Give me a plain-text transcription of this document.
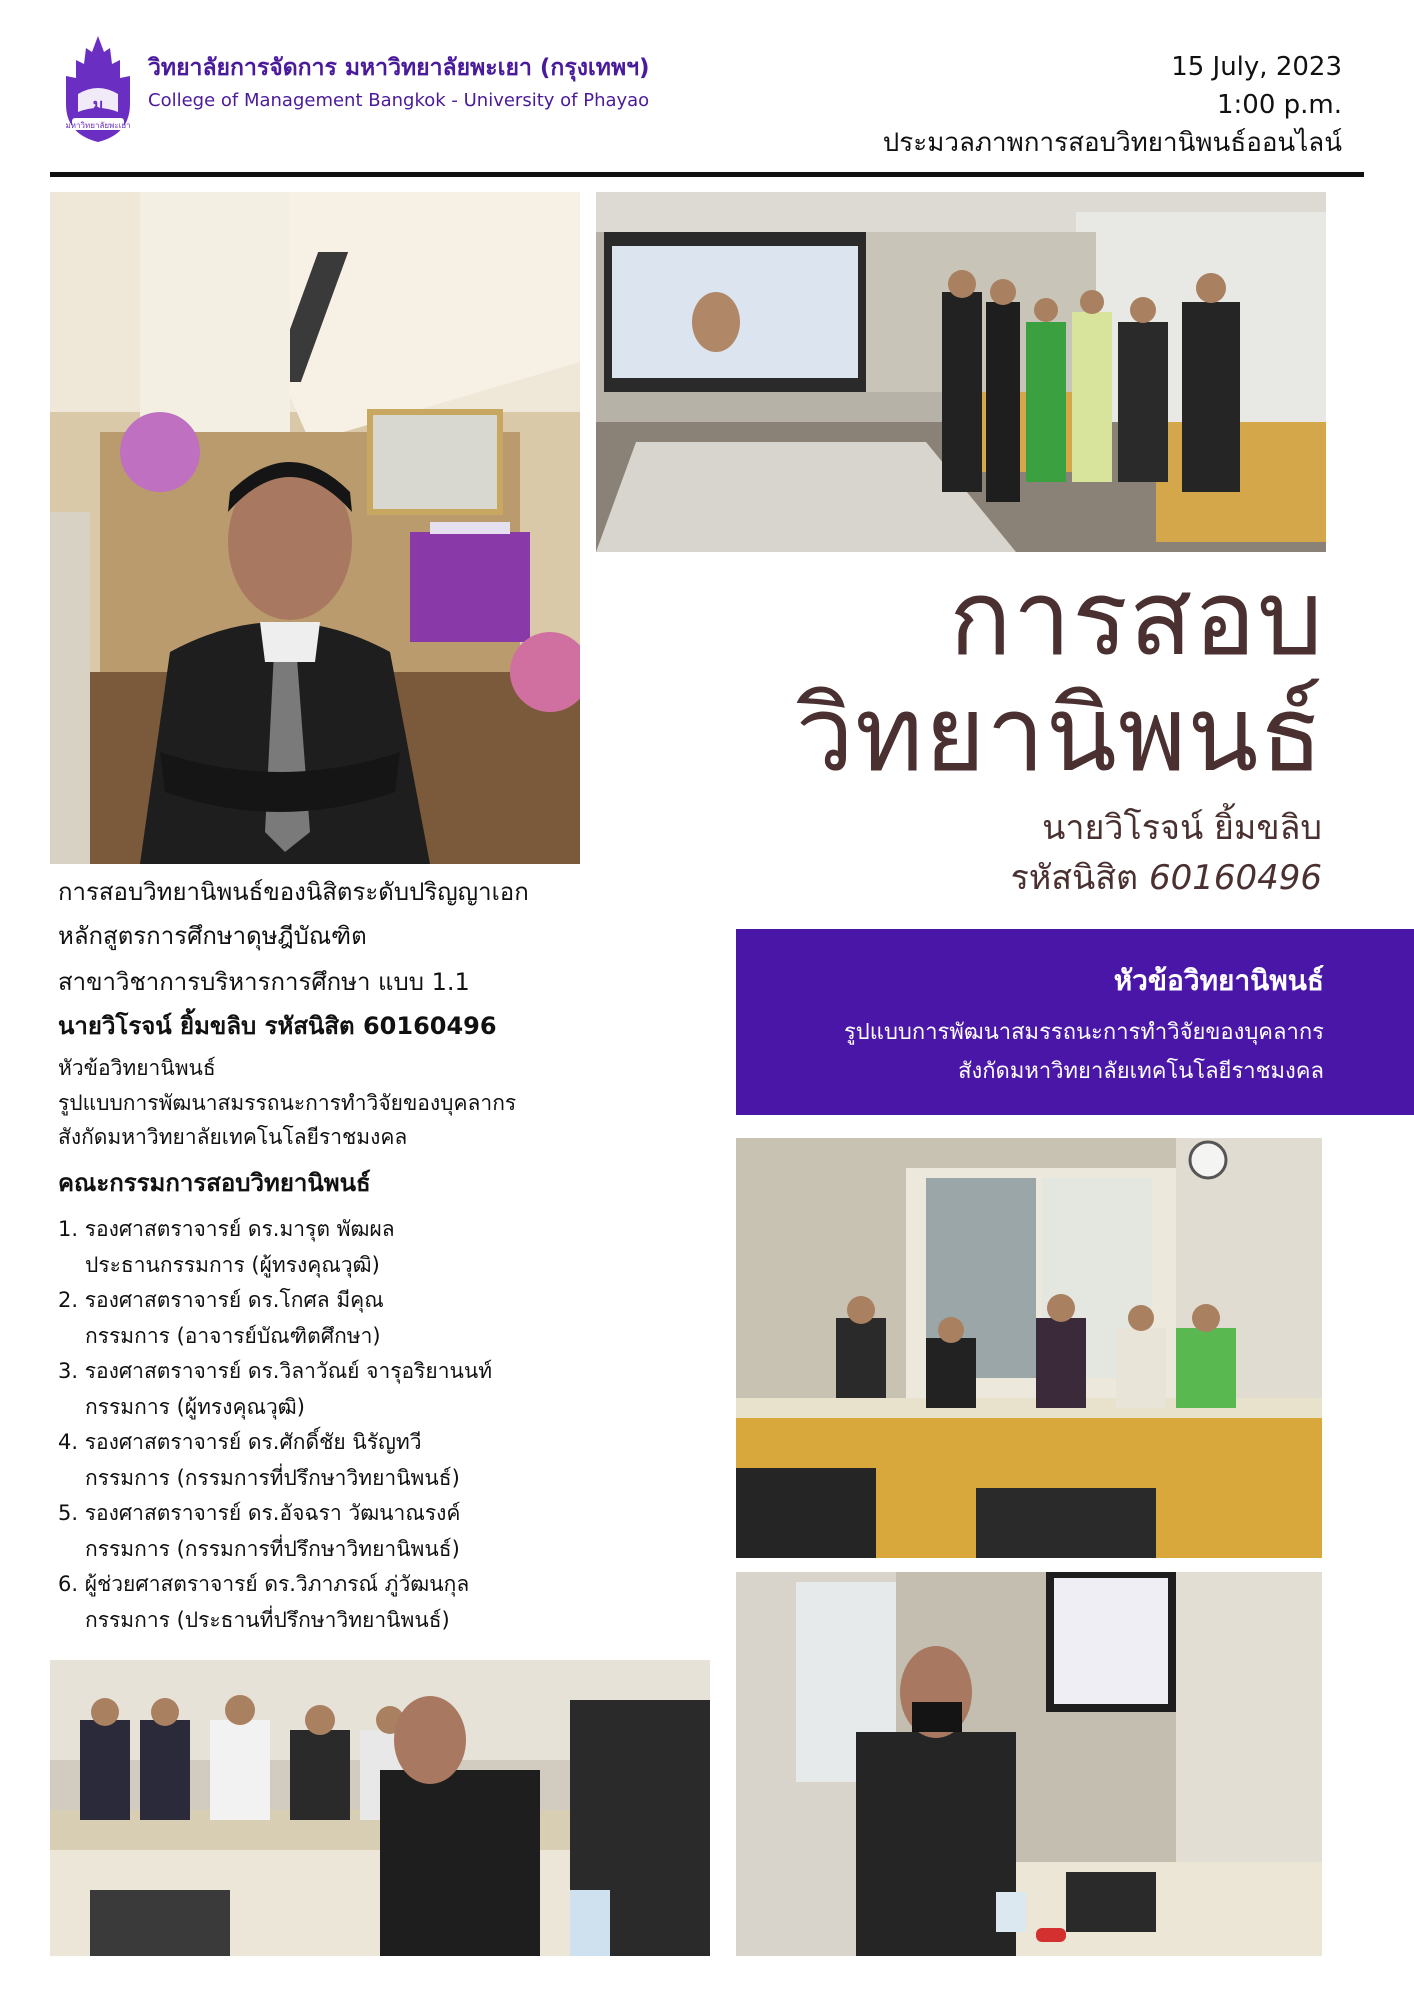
ม
มหาวิทยาลัยพะเยา
วิทยาลัยการจัดการ มหาวิทยาลัยพะเยา (กรุงเทพฯ)
College of Management Bangkok - University of Phayao
15 July, 2023
1:00 p.m.
ประมวลภาพการสอบวิทยานิพนธ์ออนไลน์
การสอบ
วิทยานิพนธ์
นายวิโรจน์ ยิ้มขลิบ
รหัสนิสิต 60160496
หัวข้อวิทยานิพนธ์
รูปแบบการพัฒนาสมรรถนะการทำวิจัยของบุคลากร
สังกัดมหาวิทยาลัยเทคโนโลยีราชมงคล
การสอบวิทยานิพนธ์ของนิสิตระดับปริญญาเอก
หลักสูตรการศึกษาดุษฎีบัณฑิต
สาขาวิชาการบริหารการศึกษา แบบ 1.1
นายวิโรจน์ ยิ้มขลิบ รหัสนิสิต 60160496
หัวข้อวิทยานิพนธ์
รูปแบบการพัฒนาสมรรถนะการทำวิจัยของบุคลากร
สังกัดมหาวิทยาลัยเทคโนโลยีราชมงคล
คณะกรรมการสอบวิทยานิพนธ์
1. รองศาสตราจารย์ ดร.มารุต พัฒผล
ประธานกรรมการ (ผู้ทรงคุณวุฒิ)
2. รองศาสตราจารย์ ดร.โกศล มีคุณ
กรรมการ (อาจารย์บัณฑิตศึกษา)
3. รองศาสตราจารย์ ดร.วิลาวัณย์ จารุอริยานนท์
กรรมการ (ผู้ทรงคุณวุฒิ)
4. รองศาสตราจารย์ ดร.ศักดิ์ชัย นิรัญทวี
กรรมการ (กรรมการที่ปรึกษาวิทยานิพนธ์)
5. รองศาสตราจารย์ ดร.อัจฉรา วัฒนาณรงค์
กรรมการ (กรรมการที่ปรึกษาวิทยานิพนธ์)
6. ผู้ช่วยศาสตราจารย์ ดร.วิภาภรณ์ ภู่วัฒนกุล
กรรมการ (ประธานที่ปรึกษาวิทยานิพนธ์)
